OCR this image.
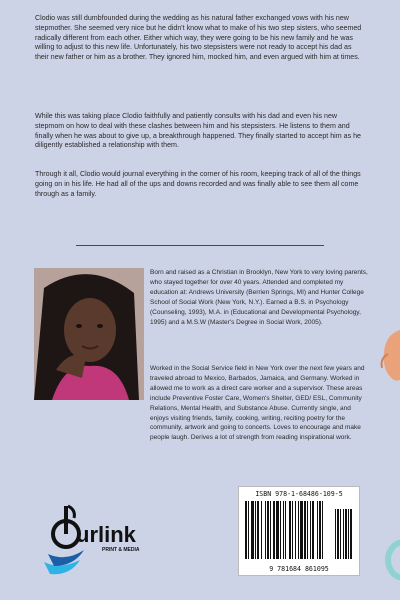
Clodio was still dumbfounded during the wedding as his natural father exchanged vows with his new stepmother. She seemed very nice but he didn't know what to make of his two step sisters, who seemed radically different from each other. Either which way, they were going to be his new family and he was willing to adjust to this new life. Unfortunately, his two stepsisters were not ready to accept his dad as their new father or him as a brother. They ignored him, mocked him, and even argued with him at times.

While this was taking place Clodio faithfully and patiently consults with his dad and even his new stepmom on how to deal with these clashes between him and his stepsisters. He listens to them and finally when he was about to give up, a breakthrough happened. They finally started to accept him as he diligently established a relationship with them.

Through it all, Clodio would journal everything in the corner of his room, keeping track of all of the things going on in his life. He had all of the ups and downs recorded and was finally able to see them all come through as a family.

Born and raised as a Christian in Brooklyn, New York to very loving parents, who stayed together for over 40 years. Attended and completed my education at: Andrews University (Berrien Springs, MI) and Hunter College School of Social Work (New York, N.Y.). Earned a B.S. in Psychology (Counseling, 1993), M.A. in (Educational and Developmental Psychology, 1995) and a M.S.W (Master's Degree in Social Work, 2005).

Worked in the Social Service field in New York over the next few years and traveled abroad to Mexico, Barbados, Jamaica, and Germany. Worked in allowed me to work as a direct care worker and a supervisor. These areas include Preventive Foster Care, Women's Shelter, GED/ ESL, Community Relations, Mental Health, and Substance Abuse. Currently single, and enjoys visiting friends, family, cooking, writing, reciting poetry for the community, artwork and going to concerts. Loves to encourage and make people laugh. Derives a lot of strength from reading inspirational work.

urlink
PRINT & MEDIA
ISBN 978-1-68486-109-5
9 781684 861095
